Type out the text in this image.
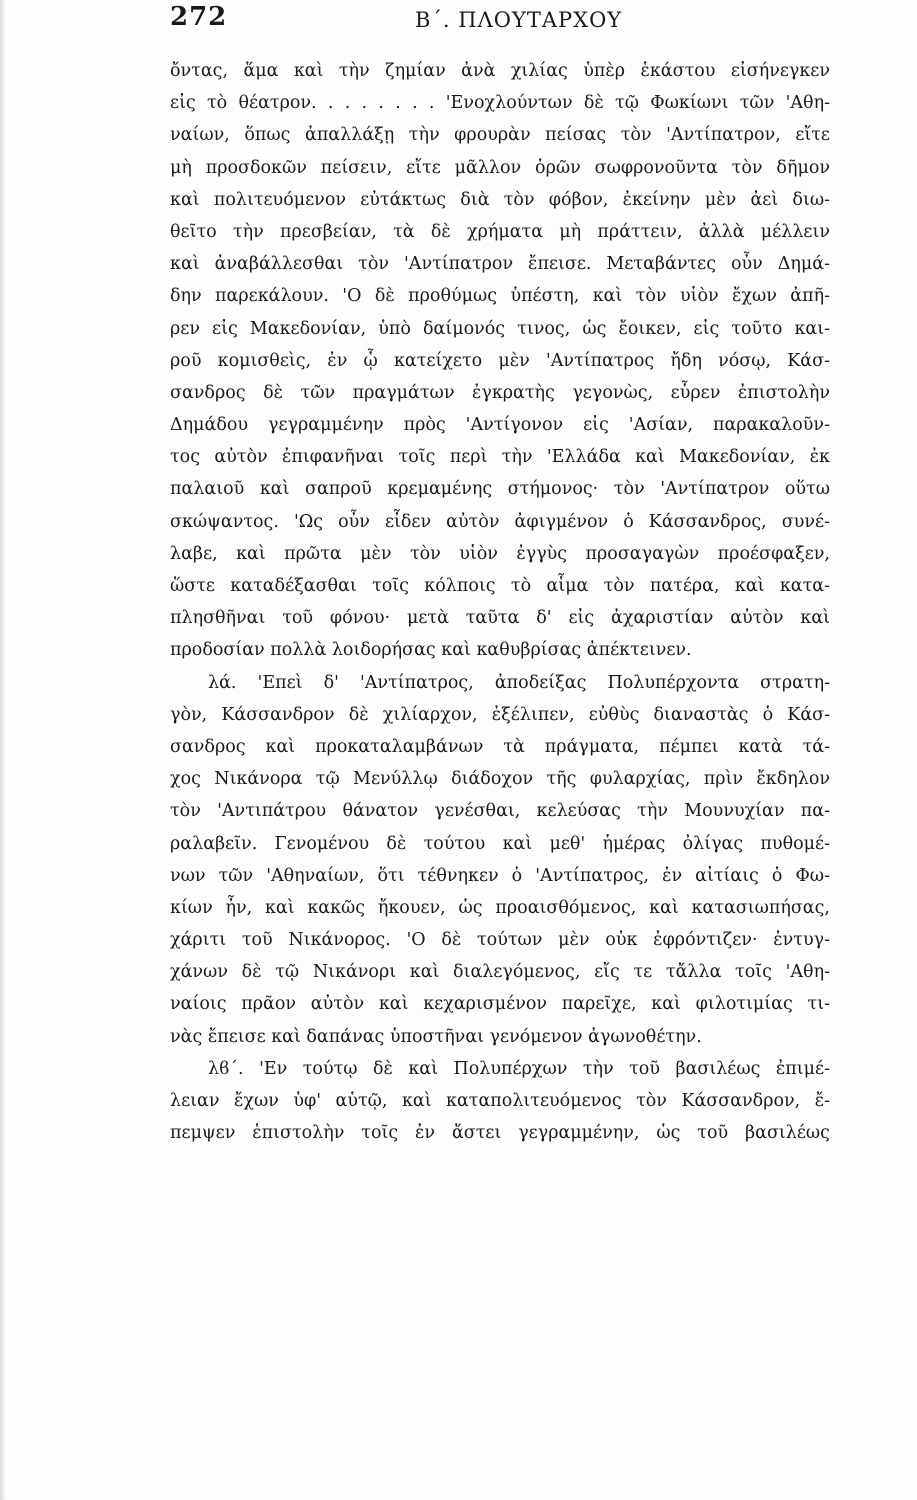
272	Β΄. ΠΛΟΥΤΑΡΧΟΥ
ὄντας, ἅμα καὶ τὴν ζημίαν ἀνὰ χιλίας ὑπὲρ ἑκάστου εἰσήνεγκεν
εἰς τὸ θέατρον. . . . . . . . 'Ενοχλούντων δὲ τῷ Φωκίωνι τῶν 'Αθη-
ναίων, ὅπως ἀπαλλάξῃ τὴν φρουρὰν πείσας τὸν 'Αντίπατρον, εἴτε
μὴ προσδοκῶν πείσειν, εἴτε μᾶλλον ὁρῶν σωφρονοῦντα τὸν δῆμον
καὶ πολιτευόμενον εὐτάκτως διὰ τὸν φόβον, ἐκείνην μὲν ἀεὶ διω-
θεῖτο τὴν πρεσβείαν, τὰ δὲ χρήματα μὴ πράττειν, ἀλλὰ μέλλειν
καὶ ἀναβάλλεσθαι τὸν 'Αντίπατρον ἔπεισε. Μεταβάντες οὖν Δημά-
δην παρεκάλουν. 'Ο δὲ προθύμως ὑπέστη, καὶ τὸν υἱὸν ἔχων ἀπῆ-
ρεν εἰς Μακεδονίαν, ὑπὸ δαίμονός τινος, ὡς ἔοικεν, εἰς τοῦτο και-
ροῦ κομισθεὶς, ἐν ᾧ κατείχετο μὲν 'Αντίπατρος ἤδη νόσῳ, Κάσ-
σανδρος δὲ τῶν πραγμάτων ἐγκρατὴς γεγονὼς, εὗρεν ἐπιστολὴν
Δημάδου γεγραμμένην πρὸς 'Αντίγονον εἰς 'Ασίαν, παρακαλοῦν-
τος αὐτὸν ἐπιφανῆναι τοῖς περὶ τὴν 'Ελλάδα καὶ Μακεδονίαν, ἐκ
παλαιοῦ καὶ σαπροῦ κρεμαμένης στήμονος· τὸν 'Αντίπατρον οὕτω
σκώψαντος. 'Ως οὖν εἶδεν αὐτὸν ἀφιγμένον ὁ Κάσσανδρος, συνέ-
λαβε, καὶ πρῶτα μὲν τὸν υἱὸν ἐγγὺς προσαγαγὼν προέσφαξεν,
ὥστε καταδέξασθαι τοῖς κόλποις τὸ αἷμα τὸν πατέρα, καὶ κατα-
πλησθῆναι τοῦ φόνου· μετὰ ταῦτα δ' εἰς ἀχαριστίαν αὐτὸν καὶ
προδοσίαν πολλὰ λοιδορήσας καὶ καθυβρίσας ἀπέκτεινεν.
λά. 'Επεὶ δ' 'Αντίπατρος, ἀποδείξας Πολυπέρχοντα στρατη-
γὸν, Κάσσανδρον δὲ χιλίαρχον, ἐξέλιπεν, εὐθὺς διαναστὰς ὁ Κάσ-
σανδρος καὶ προκαταλαμβάνων τὰ πράγματα, πέμπει κατὰ τά-
χος Νικάνορα τῷ Μενύλλῳ διάδοχον τῆς φυλαρχίας, πρὶν ἔκδηλον
τὸν 'Αντιπάτρου θάνατον γενέσθαι, κελεύσας τὴν Μουνυχίαν πα-
ραλαβεῖν. Γενομένου δὲ τούτου καὶ μεθ' ἡμέρας ὀλίγας πυθομέ-
νων τῶν 'Αθηναίων, ὅτι τέθνηκεν ὁ 'Αντίπατρος, ἐν αἰτίαις ὁ Φω-
κίων ἦν, καὶ κακῶς ἤκουεν, ὡς προαισθόμενος, καὶ κατασιωπήσας,
χάριτι τοῦ Νικάνορος. 'Ο δὲ τούτων μὲν οὐκ ἐφρόντιζεν· ἐντυγ-
χάνων δὲ τῷ Νικάνορι καὶ διαλεγόμενος, εἴς τε τἄλλα τοῖς 'Αθη-
ναίοις πρᾶον αὐτὸν καὶ κεχαρισμένον παρεῖχε, καὶ φιλοτιμίας τι-
νὰς ἔπεισε καὶ δαπάνας ὑποστῆναι γενόμενον ἀγωνοθέτην.
λϐ΄. 'Εν τούτῳ δὲ καὶ Πολυπέρχων τὴν τοῦ βασιλέως ἐπιμέ-
λειαν ἔχων ὑφ' αὑτῷ, καὶ καταπολιτευόμενος τὸν Κάσσανδρον, ἔ-
πεμψεν ἐπιστολὴν τοῖς ἐν ἄστει γεγραμμένην, ὡς τοῦ βασιλέως
